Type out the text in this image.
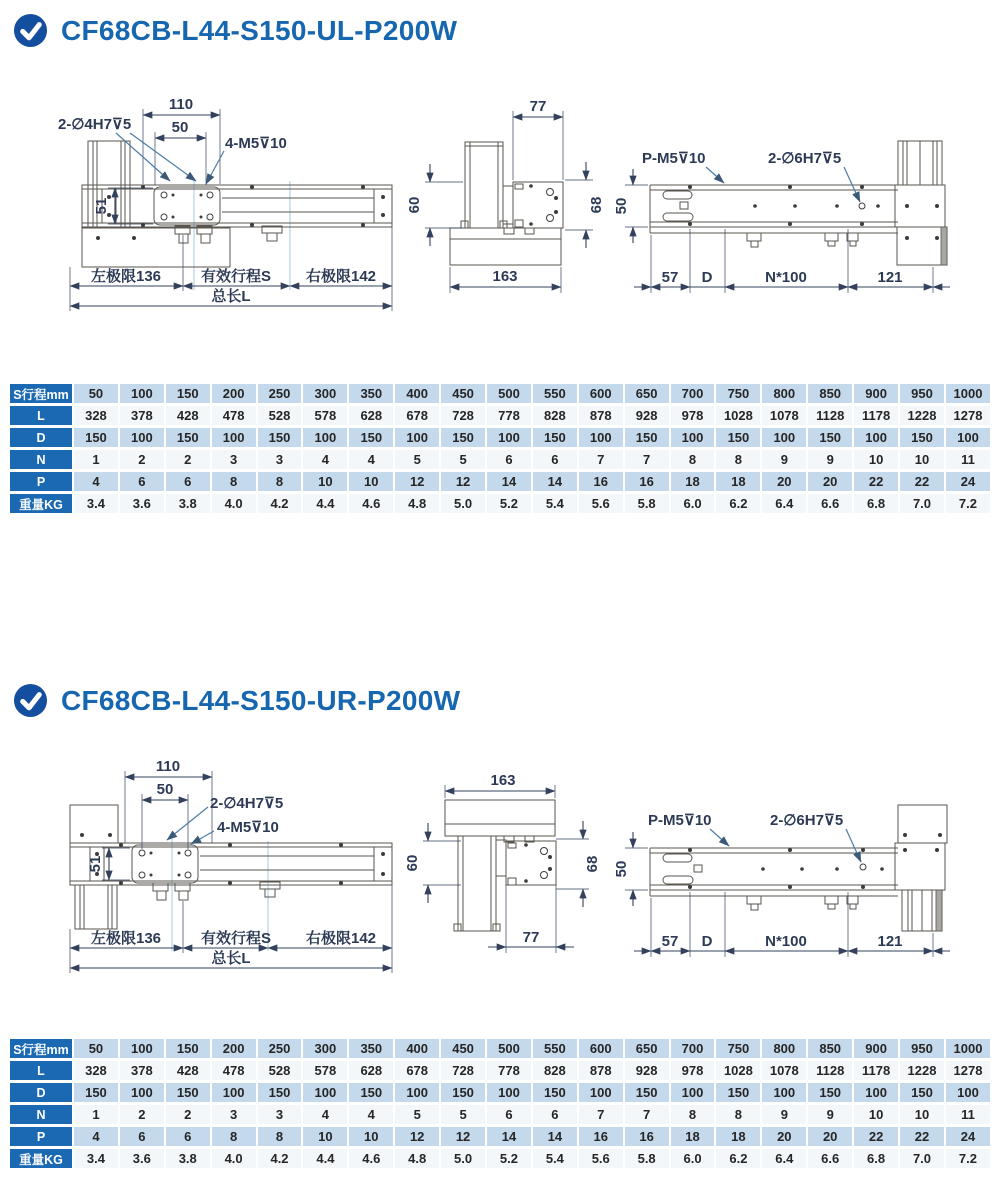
CF68CB-L44-S150-UL-P200W
110
50
2-∅4H7⊽5
4-M5⊽10
51
左极限136	有效行程S 右极限142
总长L
77
60	68
163
P-M5⊽10	2-∅6H7⊽5
50
57 D	N*100	121
S行程mm	50	100	150	200	250	300	350	400	450	500	550	600	650	700	750	800	850	900	950	1000
L	328	378	428	478	528	578	628	678	728	778	828	878	928	978	1028	1078	1128	1178	1228	1278
D	150	100	150	100	150	100	150	100	150	100	150	100	150	100	150	100	150	100	150	100
N	1	2	2	3	3	4	4	5	5	6	6	7	7	8	8	9	9	10	10	11
P	4	6	6	8	8	10	10	12	12	14	14	16	16	18	18	20	20	22	22	24
重量KG	3.4	3.6	3.8	4.0	4.2	4.4	4.6	4.8	5.0	5.2	5.4	5.6	5.8	6.0	6.2	6.4	6.6	6.8	7.0	7.2
CF68CB-L44-S150-UR-P200W
110
50
2-∅4H7⊽5
4-M5⊽10
51
左极限136	有效行程S 右极限142
总长L
163
60	68
77
P-M5⊽10	2-∅6H7⊽5
50
57 D	N*100	121
S行程mm	50	100	150	200	250	300	350	400	450	500	550	600	650	700	750	800	850	900	950	1000
L	328	378	428	478	528	578	628	678	728	778	828	878	928	978	1028	1078	1128	1178	1228	1278
D	150	100	150	100	150	100	150	100	150	100	150	100	150	100	150	100	150	100	150	100
N	1	2	2	3	3	4	4	5	5	6	6	7	7	8	8	9	9	10	10	11
P	4	6	6	8	8	10	10	12	12	14	14	16	16	18	18	20	20	22	22	24
重量KG	3.4	3.6	3.8	4.0	4.2	4.4	4.6	4.8	5.0	5.2	5.4	5.6	5.8	6.0	6.2	6.4	6.6	6.8	7.0	7.2
